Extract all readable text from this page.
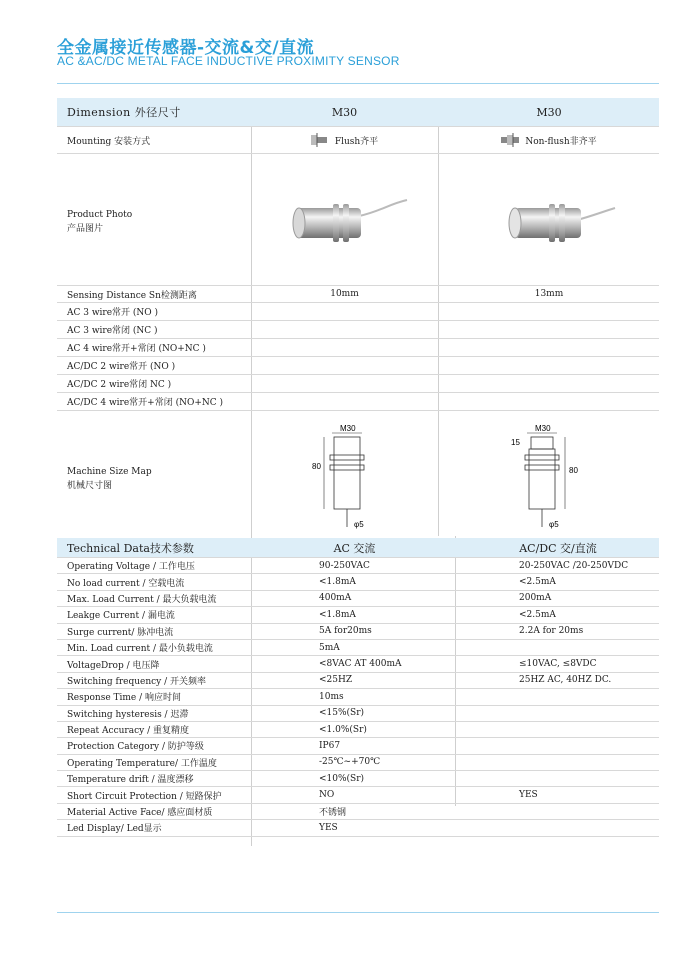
全金属接近传感器-交流&交/直流
AC &AC/DC METAL FACE INDUCTIVE PROXIMITY SENSOR
Dimension 外径尺寸	M30	M30
Mounting 安装方式	Flush齐平	Non-flush非齐平
Product Photo
产品图片
Sensing Distance Sn检测距离	10mm	13mm
AC 3 wire常开 (NO )
AC 3 wire常闭 (NC )
AC 4 wire常开+常闭 (NO+NC )
AC/DC 2 wire常开 (NO )
AC/DC 2 wire常闭 NC )
AC/DC 4 wire常开+常闭 (NO+NC )
Machine Size Map
机械尺寸图
M30
80
φ5
M30
15
80
φ5
Technical Data技术参数	AC 交流	AC/DC 交/直流
Operating Voltage / 工作电压	90-250VAC	20-250VAC /20-250VDC
No load current / 空载电流	<1.8mA	<2.5mA
Max. Load Current / 最大负载电流	400mA	200mA
Leakge Current / 漏电流	<1.8mA	<2.5mA
Surge current/ 脉冲电流	5A for20ms	2.2A for 20ms
Min. Load current / 最小负载电流	5mA
VoltageDrop / 电压降	<8VAC AT 400mA	≤10VAC, ≤8VDC
Switching frequency / 开关频率	<25HZ	25HZ AC, 40HZ DC.
Response Time / 响应时间	10ms
Switching hysteresis / 迟滞	<15%(Sr)
Repeat Accuracy / 重复精度	<1.0%(Sr)
Protection Category / 防护等级	IP67
Operating Temperature/ 工作温度	-25℃~+70℃
Temperature drift / 温度漂移	<10%(Sr)
Short Circuit Protection / 短路保护	NO	YES
Material Active Face/ 感应面材质	不锈钢
Led Display/ Led显示	YES
